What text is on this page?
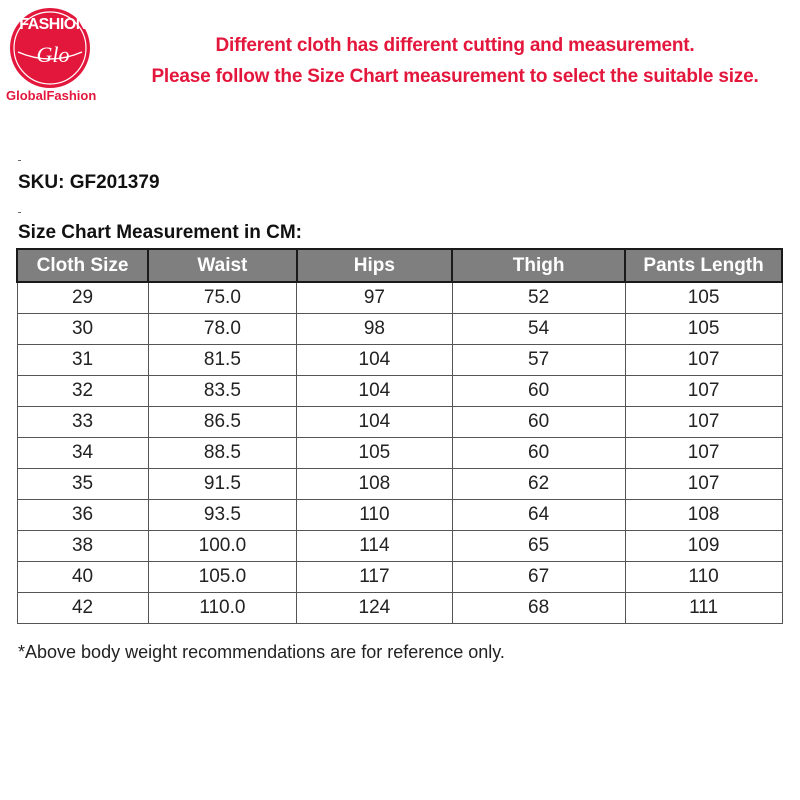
FASHION
Glo
GlobalFashion
Different cloth has different cutting and measurement.
Please follow the Size Chart measurement to select the suitable size.
SKU: GF201379
Size Chart Measurement in CM:
Cloth Size	Waist	Hips	Thigh	Pants Length
29	75.0	97	52	105
30	78.0	98	54	105
31	81.5	104	57	107
32	83.5	104	60	107
33	86.5	104	60	107
34	88.5	105	60	107
35	91.5	108	62	107
36	93.5	110	64	108
38	100.0	114	65	109
40	105.0	117	67	110
42	110.0	124	68	111
*Above body weight recommendations are for reference only.
